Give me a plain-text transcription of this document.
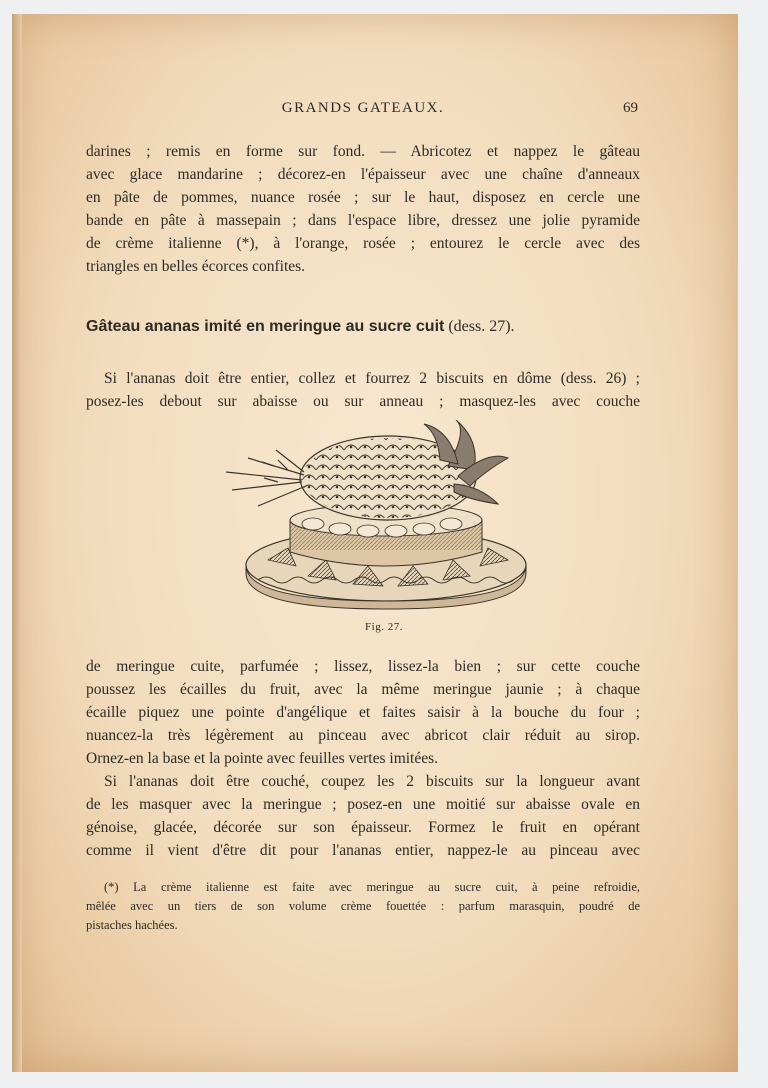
GRANDS GATEAUX.	69
darines ; remis en forme sur fond. — Abricotez et nappez le gâteau
avec glace mandarine ; décorez-en l'épaisseur avec une chaîne d'anneaux
en pâte de pommes, nuance rosée ; sur le haut, disposez en cercle une
bande en pâte à massepain ; dans l'espace libre, dressez une jolie pyramide
de crème italienne (*), à l'orange, rosée ; entourez le cercle avec des
triangles en belles écorces confites.
Gâteau ananas imité en meringue au sucre cuit (dess. 27).
Si l'ananas doit être entier, collez et fourrez 2 biscuits en dôme (dess. 26) ;
posez-les debout sur abaisse ou sur anneau ; masquez-les avec couche
Fig. 27.
de meringue cuite, parfumée ; lissez, lissez-la bien ; sur cette couche
poussez les écailles du fruit, avec la même meringue jaunie ; à chaque
écaille piquez une pointe d'angélique et faites saisir à la bouche du four ;
nuancez-la très légèrement au pinceau avec abricot clair réduit au sirop.
Ornez-en la base et la pointe avec feuilles vertes imitées.
Si l'ananas doit être couché, coupez les 2 biscuits sur la longueur avant
de les masquer avec la meringue ; posez-en une moitié sur abaisse ovale en
génoise, glacée, décorée sur son épaisseur. Formez le fruit en opérant
comme il vient d'être dit pour l'ananas entier, nappez-le au pinceau avec
(*) La crème italienne est faite avec meringue au sucre cuit, à peine refroidie,
mêlée avec un tiers de son volume crème fouettée : parfum marasquin, poudré de
pistaches hachées.
